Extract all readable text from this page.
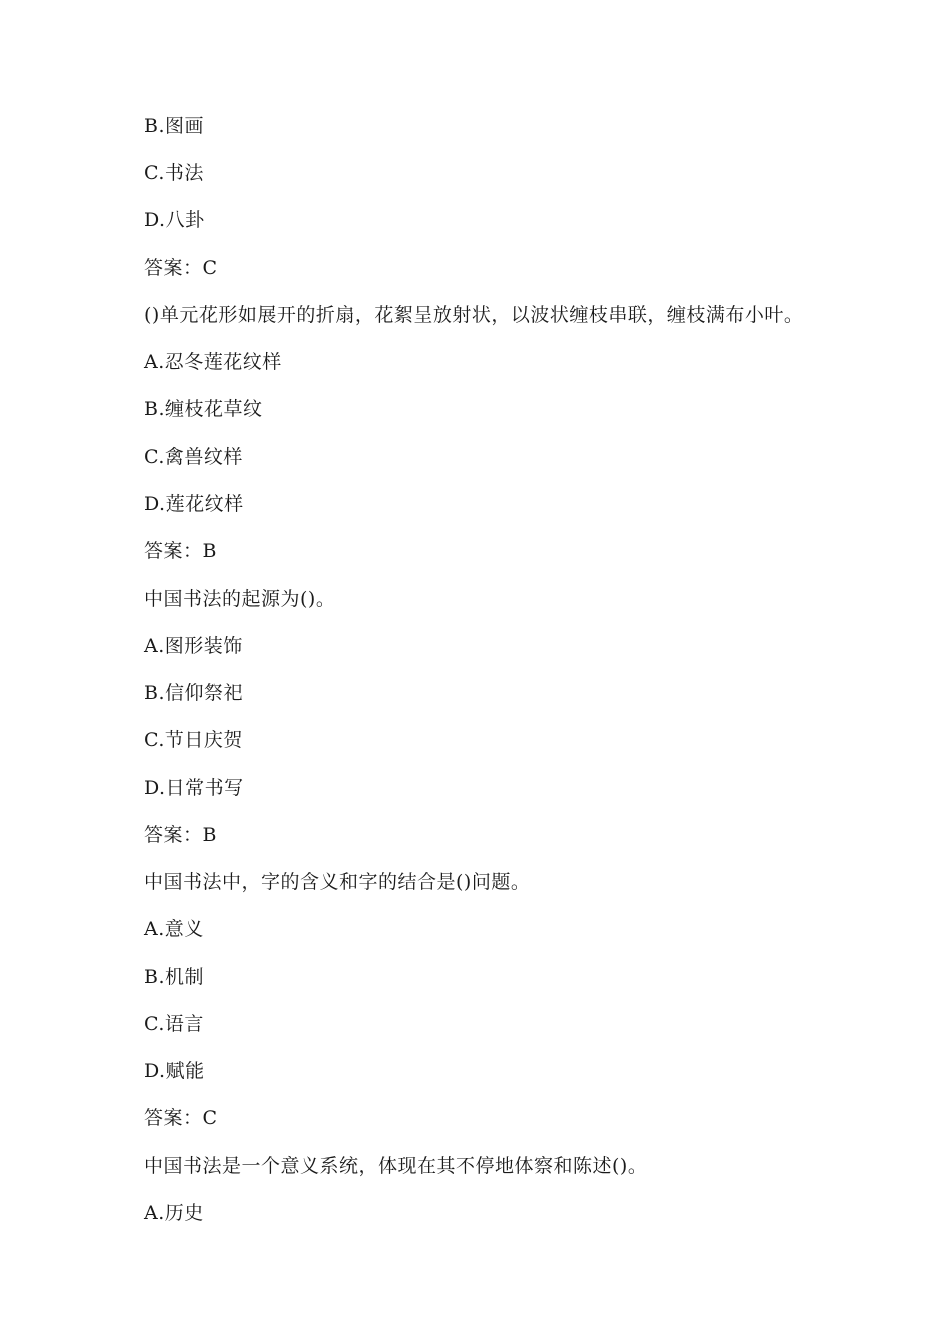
B.图画
C.书法
D.八卦
答案：C
()单元花形如展开的折扇，花絮呈放射状，以波状缠枝串联，缠枝满布小叶。
A.忍冬莲花纹样
B.缠枝花草纹
C.禽兽纹样
D.莲花纹样
答案：B
中国书法的起源为()。
A.图形装饰
B.信仰祭祀
C.节日庆贺
D.日常书写
答案：B
中国书法中，字的含义和字的结合是()问题。
A.意义
B.机制
C.语言
D.赋能
答案：C
中国书法是一个意义系统，体现在其不停地体察和陈述()。
A.历史
